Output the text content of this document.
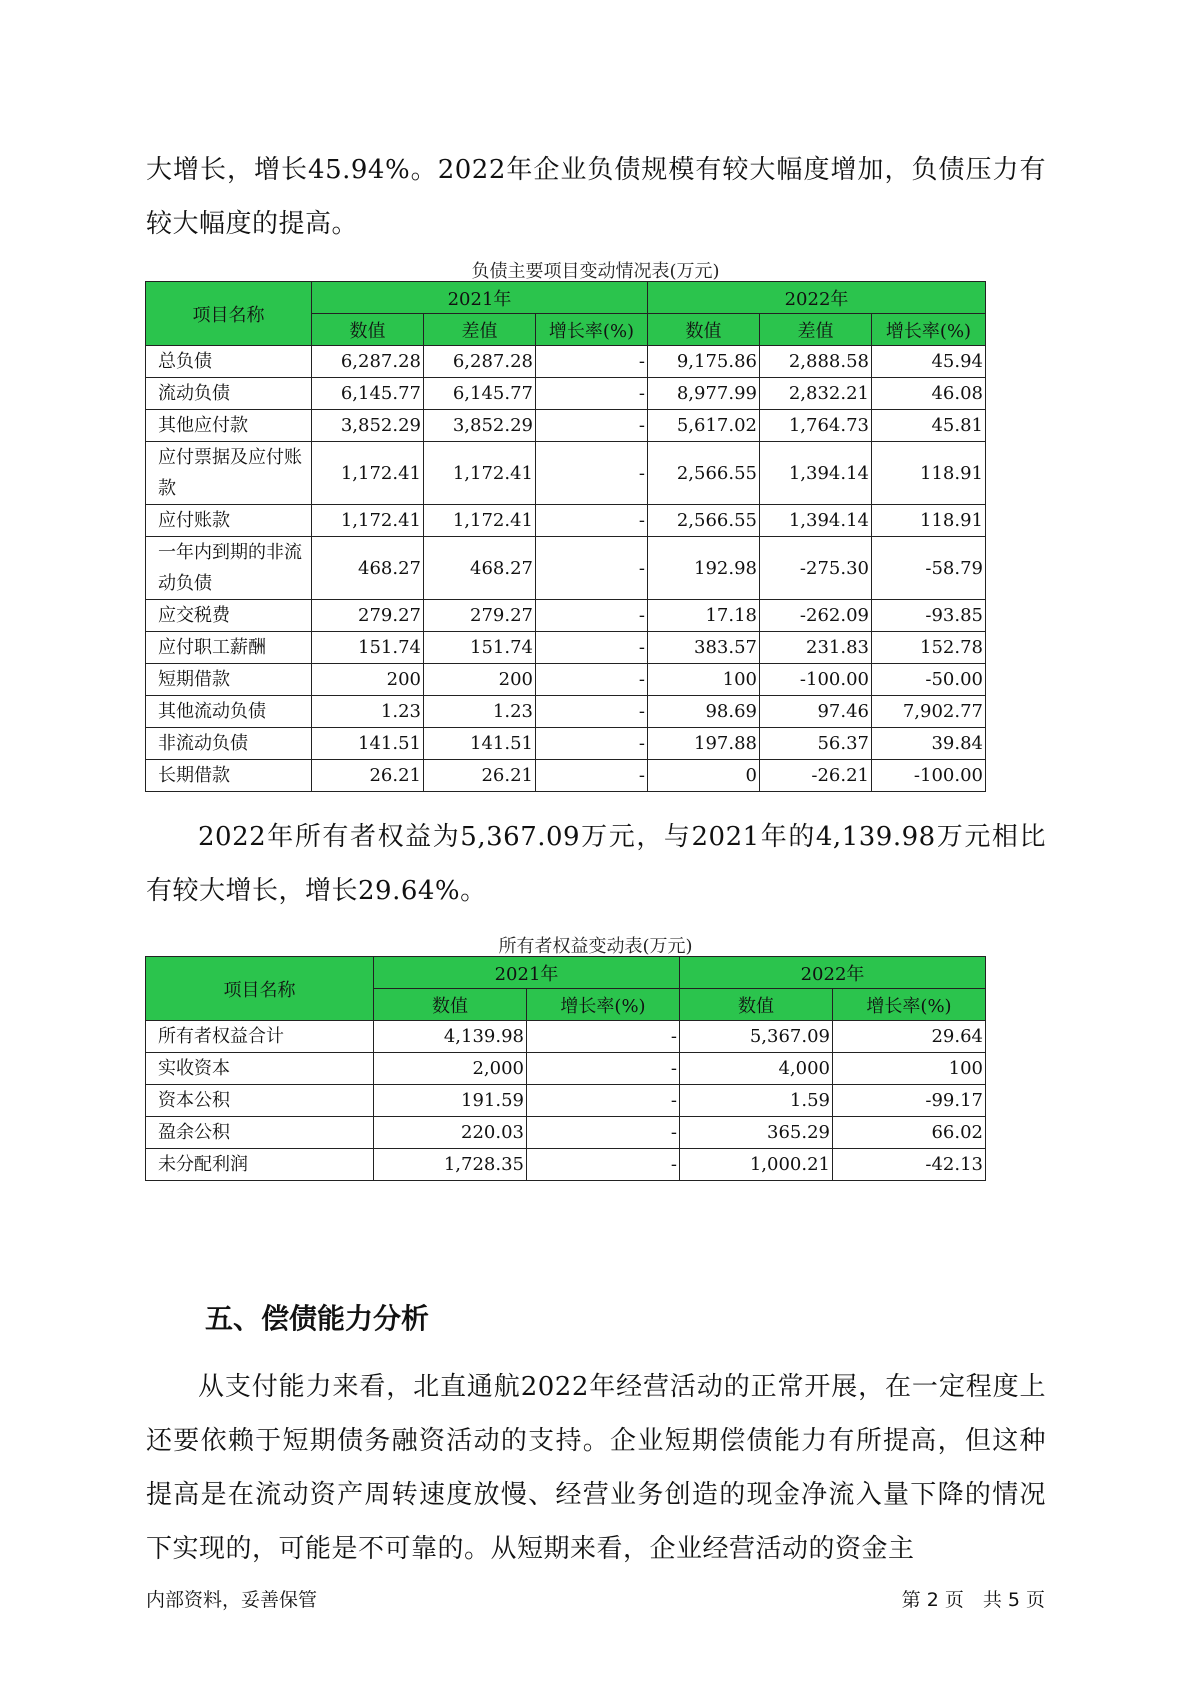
大增长，增长45.94%。2022年企业负债规模有较大幅度增加，负债压力有较大幅度的提高。

负债主要项目变动情况表(万元)
项目名称	2021年			2022年		
	数值	差值	增长率(%)	数值	差值	增长率(%)
总负债	6,287.28	6,287.28	-	9,175.86	2,888.58	45.94
流动负债	6,145.77	6,145.77	-	8,977.99	2,832.21	46.08
其他应付款	3,852.29	3,852.29	-	5,617.02	1,764.73	45.81
应付票据及应付账款	1,172.41	1,172.41	-	2,566.55	1,394.14	118.91
应付账款	1,172.41	1,172.41	-	2,566.55	1,394.14	118.91
一年内到期的非流动负债	468.27	468.27	-	192.98	-275.30	-58.79
应交税费	279.27	279.27	-	17.18	-262.09	-93.85
应付职工薪酬	151.74	151.74	-	383.57	231.83	152.78
短期借款	200	200	-	100	-100.00	-50.00
其他流动负债	1.23	1.23	-	98.69	97.46	7,902.77
非流动负债	141.51	141.51	-	197.88	56.37	39.84
长期借款	26.21	26.21	-	0	-26.21	-100.00

2022年所有者权益为5,367.09万元，与2021年的4,139.98万元相比有较大增长，增长29.64%。

所有者权益变动表(万元)
项目名称	2021年		2022年	
	数值	增长率(%)	数值	增长率(%)
所有者权益合计	4,139.98	-	5,367.09	29.64
实收资本	2,000	-	4,000	100
资本公积	191.59	-	1.59	-99.17
盈余公积	220.03	-	365.29	66.02
未分配利润	1,728.35	-	1,000.21	-42.13
五、偿债能力分析

从支付能力来看，北直通航2022年经营活动的正常开展，在一定程度上还要依赖于短期债务融资活动的支持。企业短期偿债能力有所提高，但这种提高是在流动资产周转速度放慢、经营业务创造的现金净流入量下降的情况下实现的，可能是不可靠的。从短期来看，企业经营活动的资金主

内部资料，妥善保管	第 2 页　共 5 页
